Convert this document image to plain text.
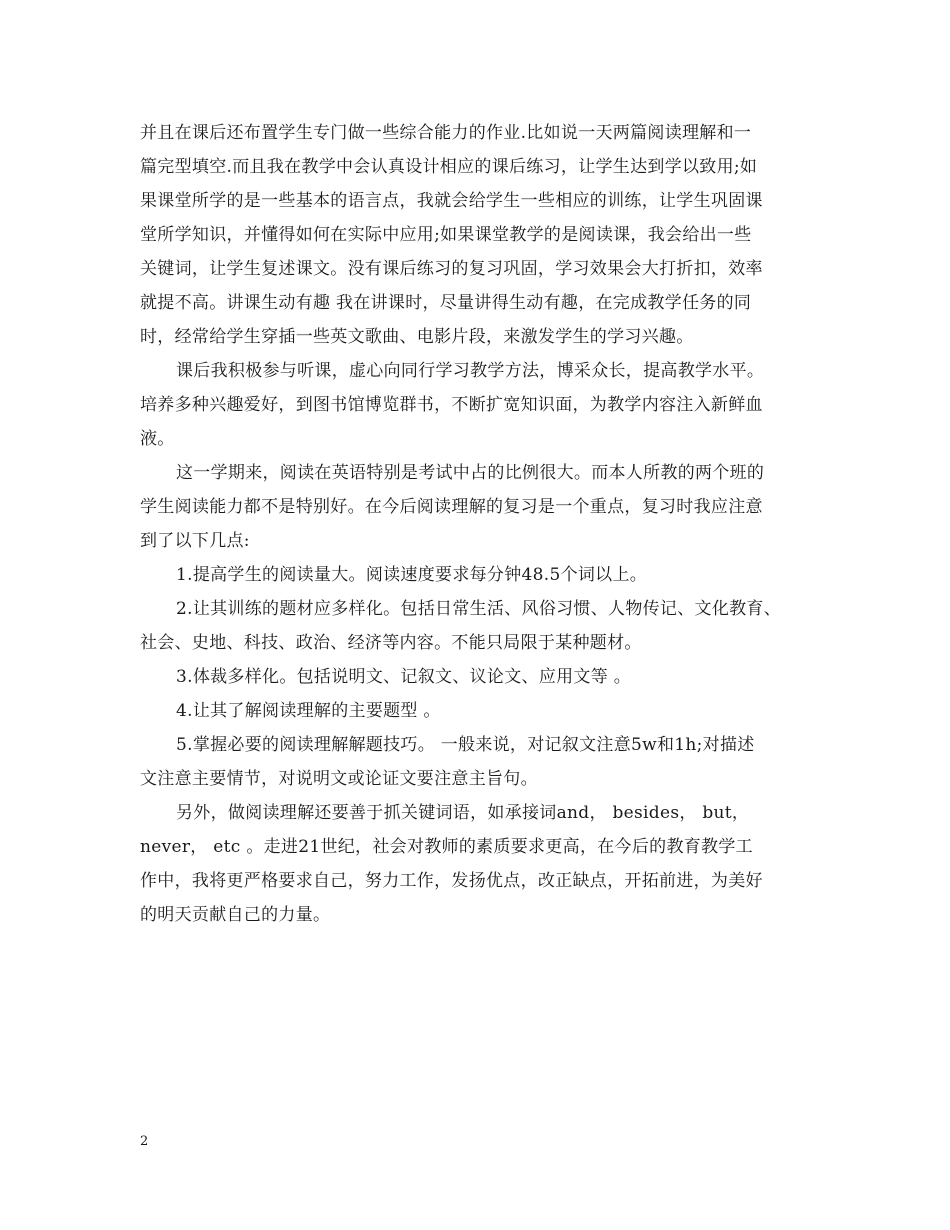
并且在课后还布置学生专门做一些综合能力的作业.比如说一天两篇阅读理解和一
篇完型填空.而且我在教学中会认真设计相应的课后练习，让学生达到学以致用;如
果课堂所学的是一些基本的语言点，我就会给学生一些相应的训练，让学生巩固课
堂所学知识，并懂得如何在实际中应用;如果课堂教学的是阅读课，我会给出一些
关键词，让学生复述课文。没有课后练习的复习巩固，学习效果会大打折扣，效率
就提不高。讲课生动有趣 我在讲课时，尽量讲得生动有趣，在完成教学任务的同
时，经常给学生穿插一些英文歌曲、电影片段，来激发学生的学习兴趣。
课后我积极参与听课，虚心向同行学习教学方法，博采众长，提高教学水平。
培养多种兴趣爱好，到图书馆博览群书，不断扩宽知识面，为教学内容注入新鲜血
液。
这一学期来，阅读在英语特别是考试中占的比例很大。而本人所教的两个班的
学生阅读能力都不是特别好。在今后阅读理解的复习是一个重点，复习时我应注意
到了以下几点:
1.提高学生的阅读量大。阅读速度要求每分钟48.5个词以上。
2.让其训练的题材应多样化。包括日常生活、风俗习惯、人物传记、文化教育、
社会、史地、科技、政治、经济等内容。不能只局限于某种题材。
3.体裁多样化。包括说明文、记叙文、议论文、应用文等 。
4.让其了解阅读理解的主要题型 。
5.掌握必要的阅读理解解题技巧。 一般来说，对记叙文注意5w和1h;对描述
文注意主要情节，对说明文或论证文要注意主旨句。
另外，做阅读理解还要善于抓关键词语，如承接词and， besides， but，
never， etc 。走进21世纪，社会对教师的素质要求更高，在今后的教育教学工
作中，我将更严格要求自己，努力工作，发扬优点，改正缺点，开拓前进，为美好
的明天贡献自己的力量。
2
